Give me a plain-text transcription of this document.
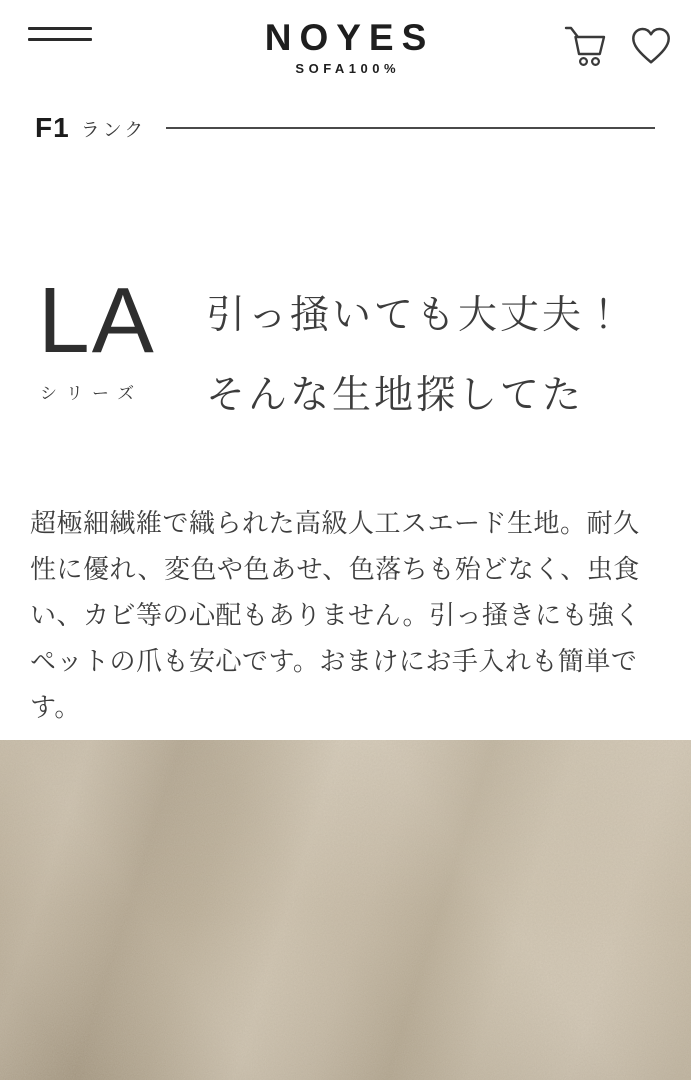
NOYES
SOFA100%
F1 ランク
LA
シリーズ
引っ掻いても大丈夫！
そんな生地探してた

超極細繊維で織られた高級人工スエード生地。耐久性に優れ、変色や色あせ、色落ちも殆どなく、虫食い、カビ等の心配もありません。引っ掻きにも強くペットの爪も安心です。おまけにお手入れも簡単です。
